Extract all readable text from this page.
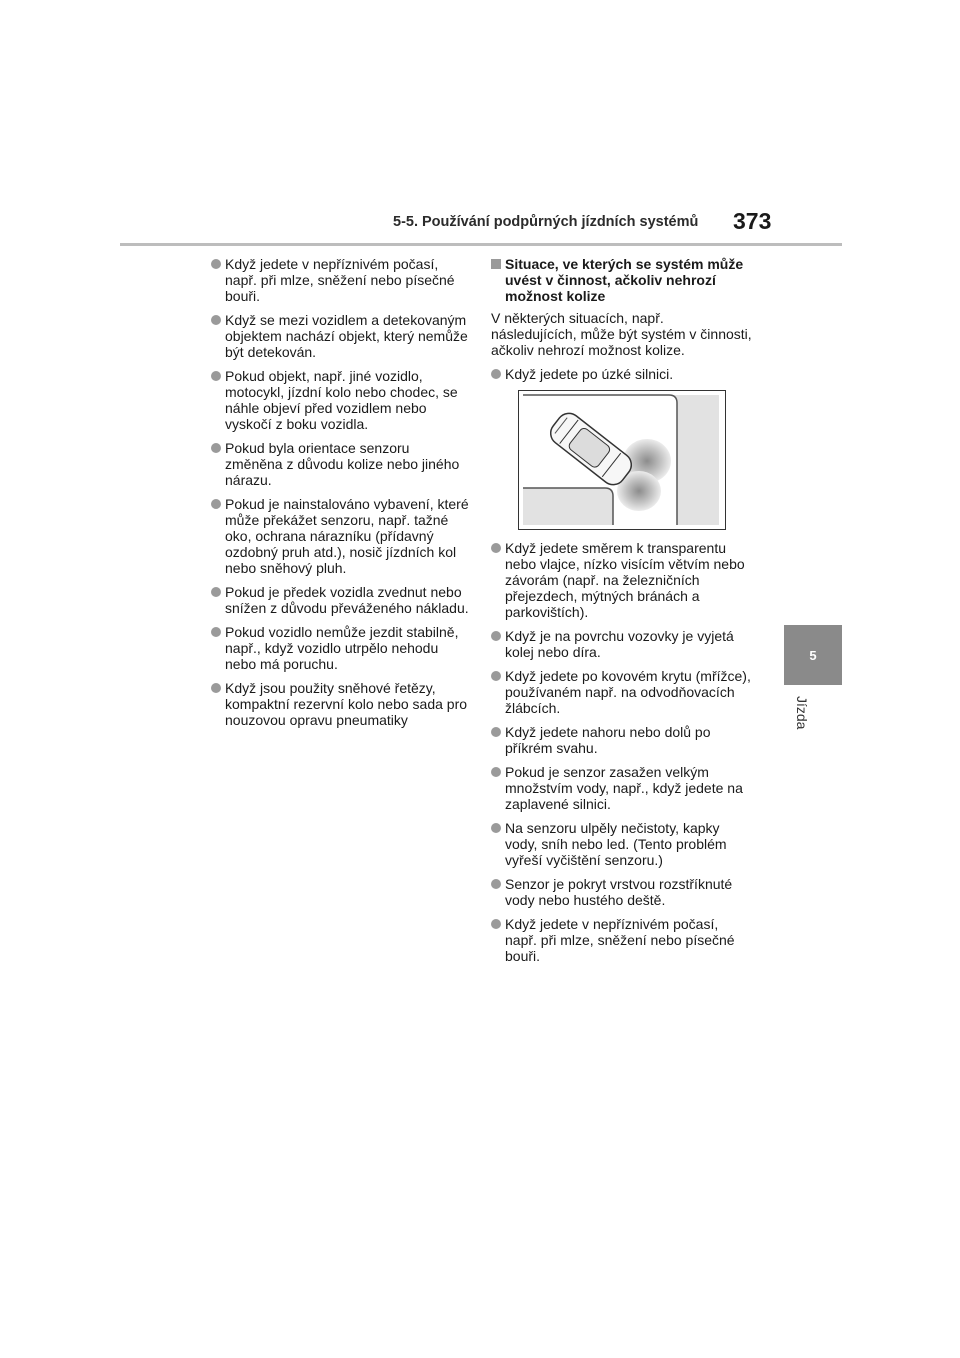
5-5. Používání podpůrných jízdních systémů	373
5
Jízda
Když jedete v nepříznivém počasí, např. při mlze, sněžení nebo písečné bouři.
Když se mezi vozidlem a detekovaným objektem nachází objekt, který nemůže být detekován.
Pokud objekt, např. jiné vozidlo, motocykl, jízdní kolo nebo chodec, se náhle objeví před vozidlem nebo vyskočí z boku vozidla.
Pokud byla orientace senzoru změněna z důvodu kolize nebo jiného nárazu.
Pokud je nainstalováno vybavení, které může překážet senzoru, např. tažné oko, ochrana nárazníku (přídavný ozdobný pruh atd.), nosič jízdních kol nebo sněhový pluh.
Pokud je předek vozidla zvednut nebo snížen z důvodu převáženého nákladu.
Pokud vozidlo nemůže jezdit stabilně, např., když vozidlo utrpělo nehodu nebo má poruchu.
Když jsou použity sněhové řetězy, kompaktní rezervní kolo nebo sada pro nouzovou opravu pneumatiky
Situace, ve kterých se systém může uvést v činnost, ačkoliv nehrozí možnost kolize
V některých situacích, např. následujících, může být systém v činnosti, ačkoliv nehrozí možnost kolize.
Když jedete po úzké silnici.
Když jedete směrem k transparentu nebo vlajce, nízko visícím větvím nebo závorám (např. na železničních přejezdech, mýtných bránách a parkovištích).
Když je na povrchu vozovky je vyjetá kolej nebo díra.
Když jedete po kovovém krytu (mřížce), používaném např. na odvodňovacích žlábcích.
Když jedete nahoru nebo dolů po příkrém svahu.
Pokud je senzor zasažen velkým množstvím vody, např., když jedete na zaplavené silnici.
Na senzoru ulpěly nečistoty, kapky vody, sníh nebo led. (Tento problém vyřeší vyčištění senzoru.)
Senzor je pokryt vrstvou rozstříknuté vody nebo hustého deště.
Když jedete v nepříznivém počasí, např. při mlze, sněžení nebo písečné bouři.
